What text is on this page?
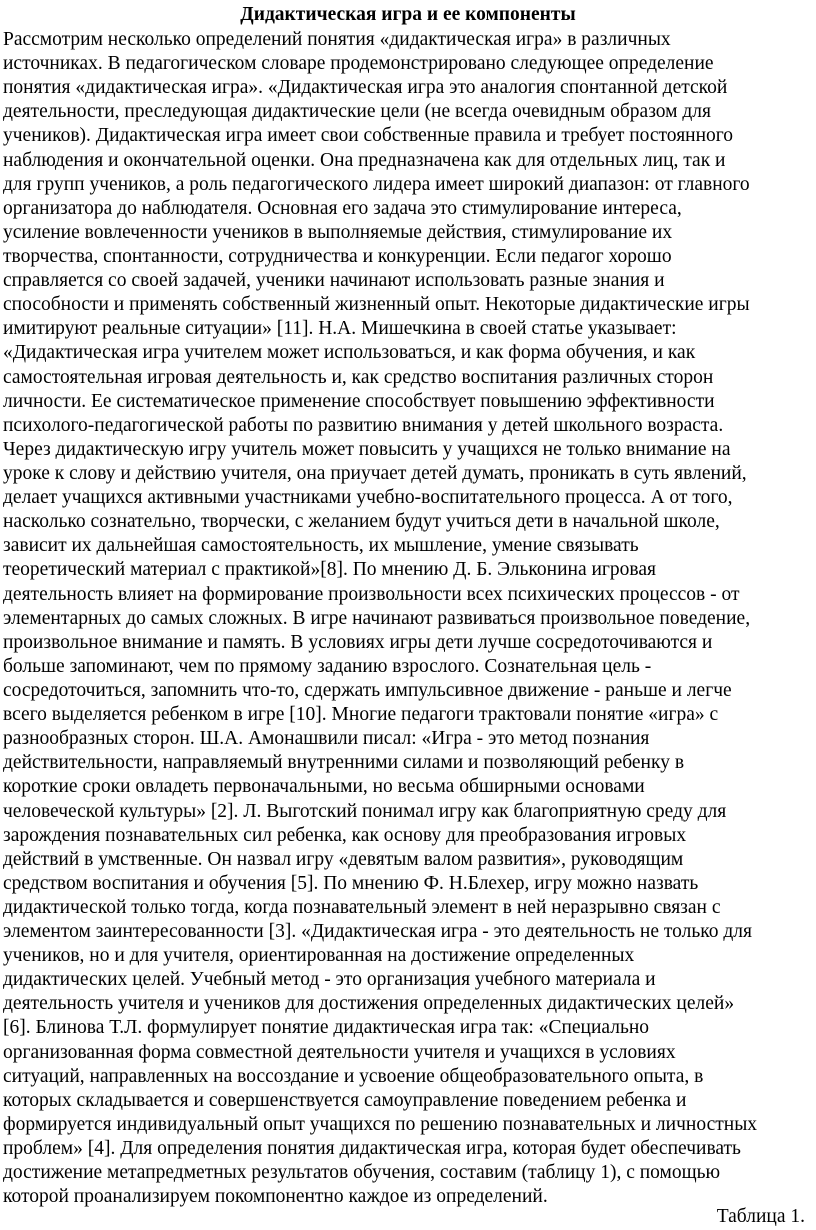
Дидактическая игра и ее компоненты
Рассмотрим несколько определений понятия «дидактическая игра» в различных
источниках. В педагогическом словаре продемонстрировано следующее определение
понятия «дидактическая игра». «Дидактическая игра это аналогия спонтанной детской
деятельности, преследующая дидактические цели (не всегда очевидным образом для
учеников). Дидактическая игра имеет свои собственные правила и требует постоянного
наблюдения и окончательной оценки. Она предназначена как для отдельных лиц, так и
для групп учеников, а роль педагогического лидера имеет широкий диапазон: от главного
организатора до наблюдателя. Основная его задача это стимулирование интереса,
усиление вовлеченности учеников в выполняемые действия, стимулирование их
творчества, спонтанности, сотрудничества и конкуренции. Если педагог хорошо
справляется со своей задачей, ученики начинают использовать разные знания и
способности и применять собственный жизненный опыт. Некоторые дидактические игры
имитируют реальные ситуации» [11]. Н.А. Мишечкина в своей статье указывает:
«Дидактическая игра учителем может использоваться, и как форма обучения, и как
самостоятельная игровая деятельность и, как средство воспитания различных сторон
личности. Ее систематическое применение способствует повышению эффективности
психолого-педагогической работы по развитию внимания у детей школьного возраста.
Через дидактическую игру учитель может повысить у учащихся не только внимание на
уроке к слову и действию учителя, она приучает детей думать, проникать в суть явлений,
делает учащихся активными участниками учебно-воспитательного процесса. А от того,
насколько сознательно, творчески, с желанием будут учиться дети в начальной школе,
зависит их дальнейшая самостоятельность, их мышление, умение связывать
теоретический материал с практикой»[8]. По мнению Д. Б. Эльконина игровая
деятельность влияет на формирование произвольности всех психических процессов - от
элементарных до самых сложных. В игре начинают развиваться произвольное поведение,
произвольное внимание и память. В условиях игры дети лучше сосредоточиваются и
больше запоминают, чем по прямому заданию взрослого. Сознательная цель -
сосредоточиться, запомнить что-то, сдержать импульсивное движение - раньше и легче
всего выделяется ребенком в игре [10]. Многие педагоги трактовали понятие «игра» с
разнообразных сторон. Ш.А. Амонашвили писал: «Игра - это метод познания
действительности, направляемый внутренними силами и позволяющий ребенку в
короткие сроки овладеть первоначальными, но весьма обширными основами
человеческой культуры» [2]. Л. Выготский понимал игру как благоприятную среду для
зарождения познавательных сил ребенка, как основу для преобразования игровых
действий в умственные. Он назвал игру «девятым валом развития», руководящим
средством воспитания и обучения [5]. По мнению Ф. Н.Блехер, игру можно назвать
дидактической только тогда, когда познавательный элемент в ней неразрывно связан с
элементом заинтересованности [3]. «Дидактическая игра - это деятельность не только для
учеников, но и для учителя, ориентированная на достижение определенных
дидактических целей. Учебный метод - это организация учебного материала и
деятельность учителя и учеников для достижения определенных дидактических целей»
[6]. Блинова Т.Л. формулирует понятие дидактическая игра так: «Специально
организованная форма совместной деятельности учителя и учащихся в условиях
ситуаций, направленных на воссоздание и усвоение общеобразовательного опыта, в
которых складывается и совершенствуется самоуправление поведением ребенка и
формируется индивидуальный опыт учащихся по решению познавательных и личностных
проблем» [4]. Для определения понятия дидактическая игра, которая будет обеспечивать
достижение метапредметных результатов обучения, составим (таблицу 1), с помощью
которой проанализируем покомпонентно каждое из определений.
Таблица 1.
